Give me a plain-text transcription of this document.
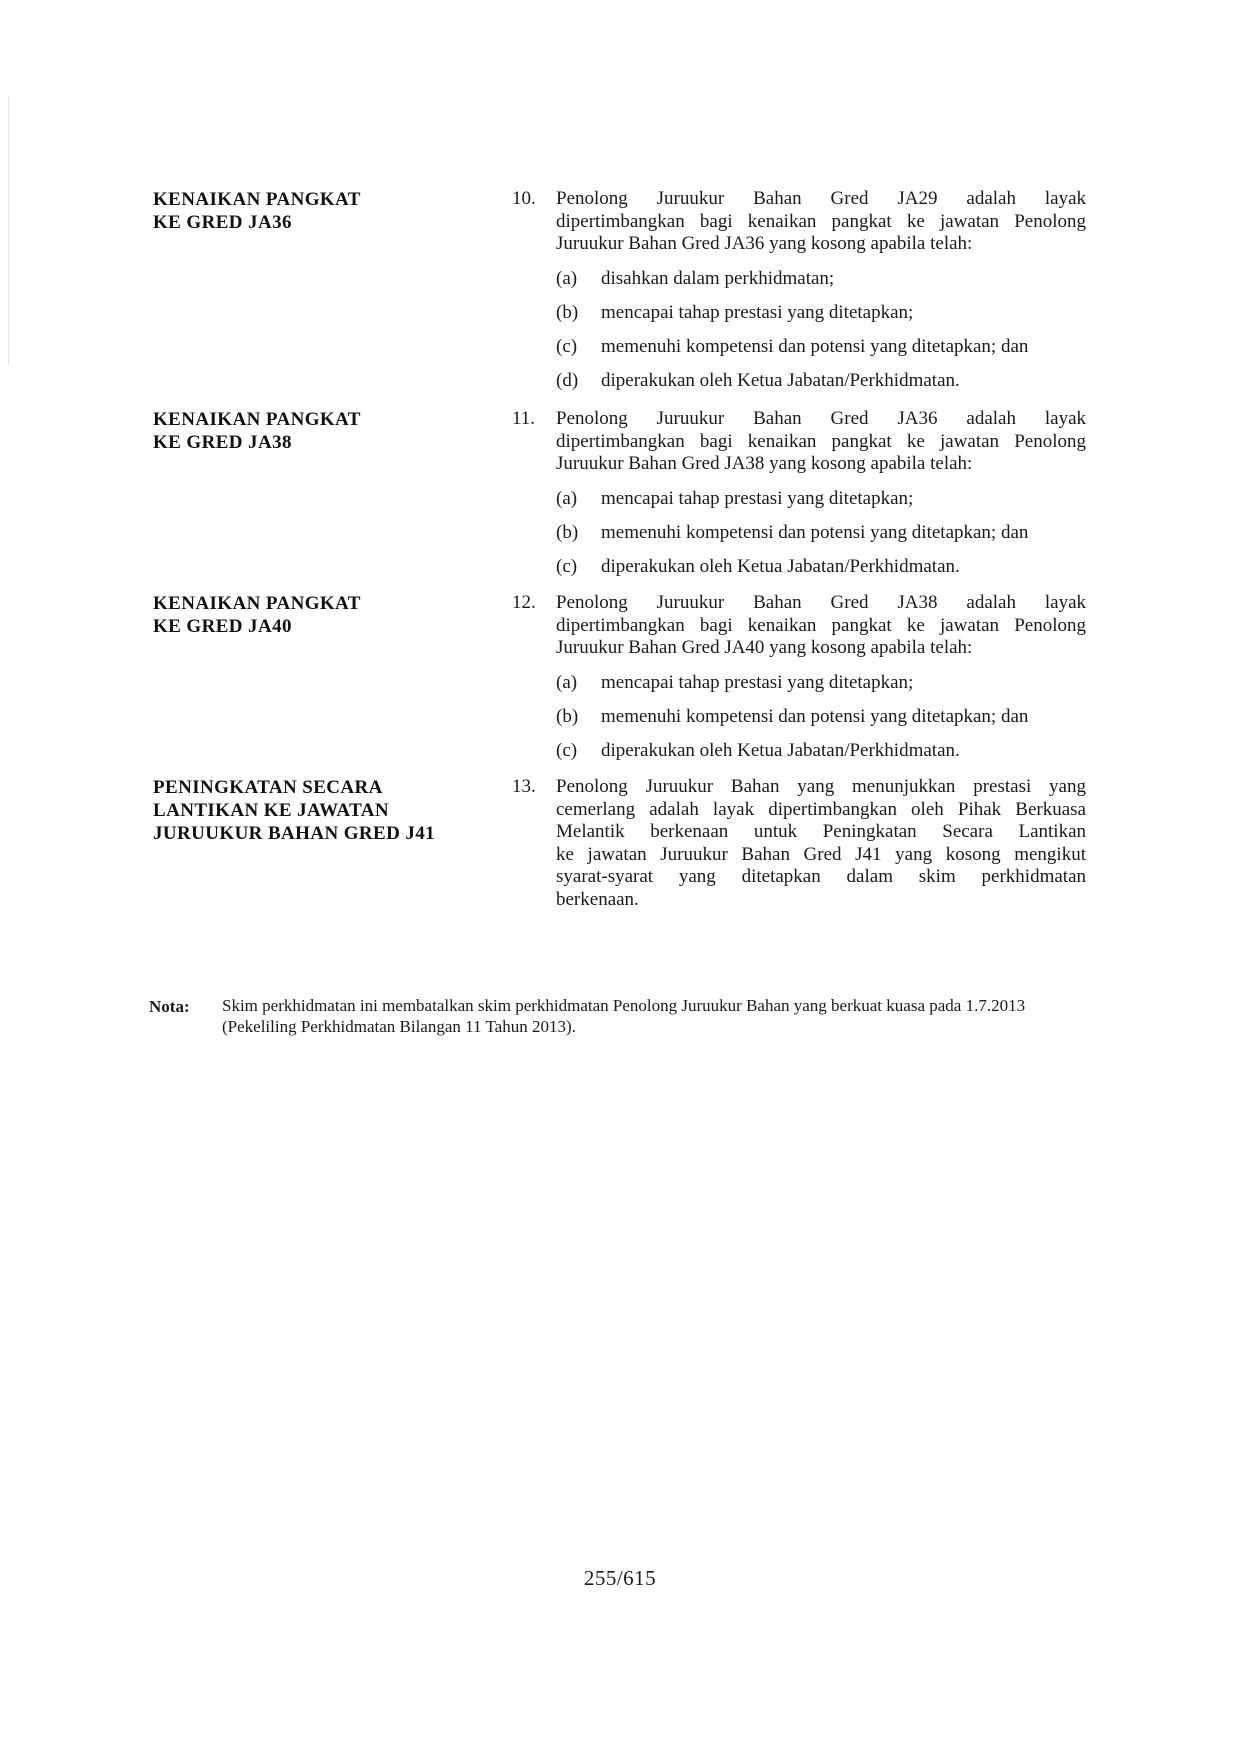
KENAIKAN PANGKAT
KE GRED JA36
10. Penolong Juruukur Bahan Gred JA29 adalah layak
dipertimbangkan bagi kenaikan pangkat ke jawatan Penolong
Juruukur Bahan Gred JA36 yang kosong apabila telah:
(a) disahkan dalam perkhidmatan;
(b) mencapai tahap prestasi yang ditetapkan;
(c) memenuhi kompetensi dan potensi yang ditetapkan; dan
(d) diperakukan oleh Ketua Jabatan/Perkhidmatan.
KENAIKAN PANGKAT
KE GRED JA38
11. Penolong Juruukur Bahan Gred JA36 adalah layak
dipertimbangkan bagi kenaikan pangkat ke jawatan Penolong
Juruukur Bahan Gred JA38 yang kosong apabila telah:
(a) mencapai tahap prestasi yang ditetapkan;
(b) memenuhi kompetensi dan potensi yang ditetapkan; dan
(c) diperakukan oleh Ketua Jabatan/Perkhidmatan.
KENAIKAN PANGKAT
KE GRED JA40
12. Penolong Juruukur Bahan Gred JA38 adalah layak
dipertimbangkan bagi kenaikan pangkat ke jawatan Penolong
Juruukur Bahan Gred JA40 yang kosong apabila telah:
(a) mencapai tahap prestasi yang ditetapkan;
(b) memenuhi kompetensi dan potensi yang ditetapkan; dan
(c) diperakukan oleh Ketua Jabatan/Perkhidmatan.
PENINGKATAN SECARA
LANTIKAN KE JAWATAN
JURUUKUR BAHAN GRED J41
13. Penolong Juruukur Bahan yang menunjukkan prestasi yang
cemerlang adalah layak dipertimbangkan oleh Pihak Berkuasa
Melantik berkenaan untuk Peningkatan Secara Lantikan
ke jawatan Juruukur Bahan Gred J41 yang kosong mengikut
syarat-syarat yang ditetapkan dalam skim perkhidmatan
berkenaan.
Nota: Skim perkhidmatan ini membatalkan skim perkhidmatan Penolong Juruukur Bahan yang berkuat kuasa pada 1.7.2013
(Pekeliling Perkhidmatan Bilangan 11 Tahun 2013).
255/615
